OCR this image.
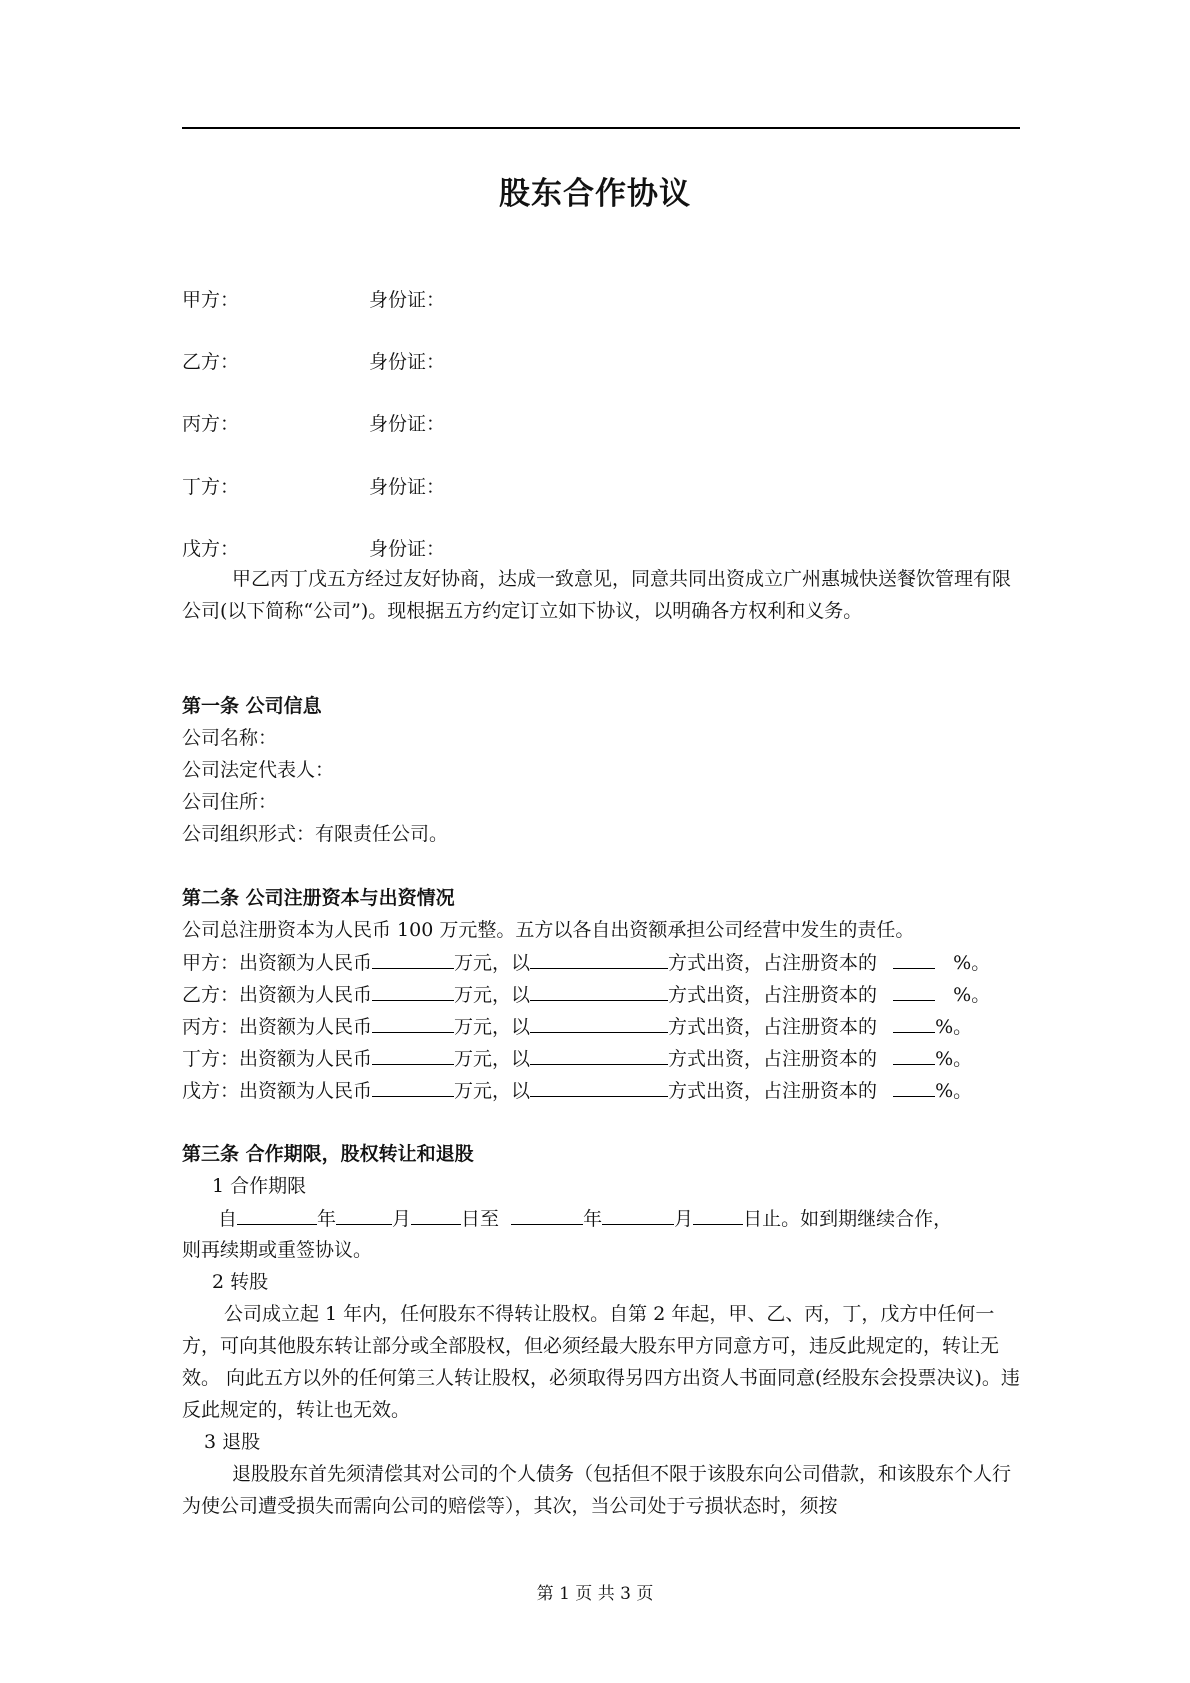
股东合作协议
甲方：	身份证：
乙方：	身份证：
丙方：	身份证：
丁方：	身份证：
戊方：	身份证：
甲乙丙丁戊五方经过友好协商，达成一致意见，同意共同出资成立广州惠城快送餐饮管理有限公司(以下简称“公司”)。现根据五方约定订立如下协议，以明确各方权利和义务。
第一条 公司信息
公司名称：
公司法定代表人：
公司住所：
公司组织形式：有限责任公司。
第二条 公司注册资本与出资情况
公司总注册资本为人民币 100 万元整。五方以各自出资额承担公司经营中发生的责任。
甲方：出资额为人民币	万元，以	方式出资，占注册资本的	%。
乙方：出资额为人民币	万元，以	方式出资，占注册资本的	%。
丙方：出资额为人民币	万元，以	方式出资，占注册资本的	%。
丁方：出资额为人民币	万元，以	方式出资，占注册资本的	%。
戊方：出资额为人民币	万元，以	方式出资，占注册资本的	%。
第三条 合作期限，股权转让和退股
1 合作期限
自	年	月	日至	年	月	日止。如到期继续合作，
则再续期或重签协议。
2 转股
公司成立起 1 年内，任何股东不得转让股权。自第 2 年起，甲、乙、丙，丁，戊方中任何一方，可向其他股东转让部分或全部股权，但必须经最大股东甲方同意方可，违反此规定的，转让无效。 向此五方以外的任何第三人转让股权，必须取得另四方出资人书面同意(经股东会投票决议)。违反此规定的，转让也无效。
3 退股
退股股东首先须清偿其对公司的个人债务（包括但不限于该股东向公司借款，和该股东个人行为使公司遭受损失而需向公司的赔偿等），其次，当公司处于亏损状态时，须按
第 1 页 共 3 页
